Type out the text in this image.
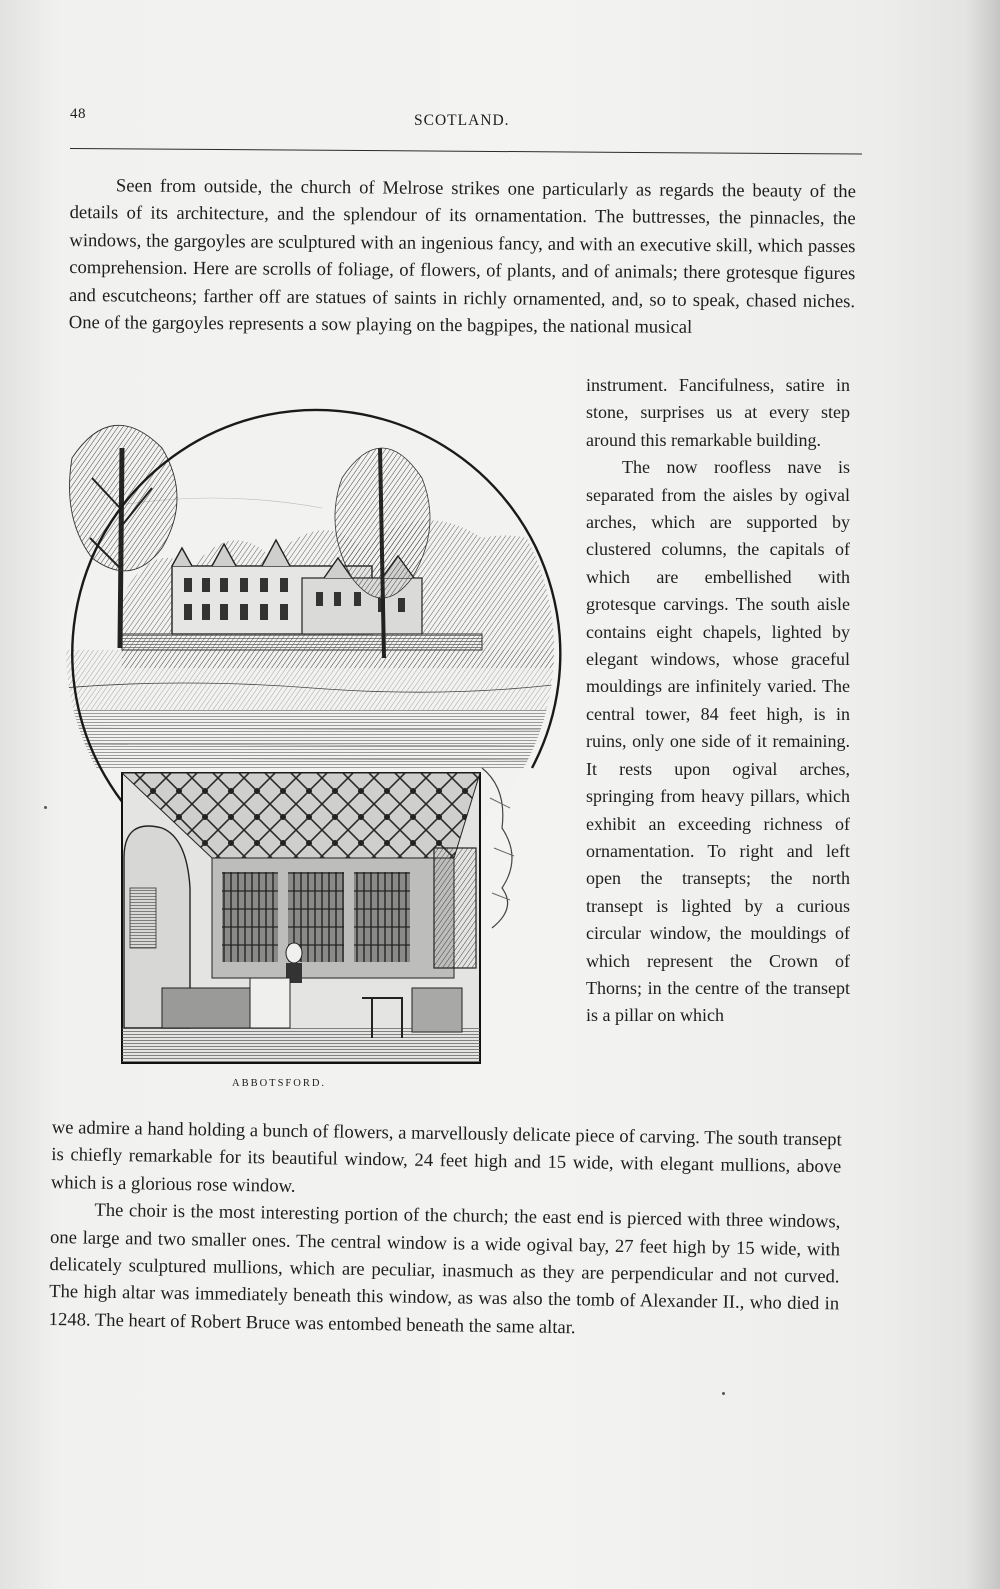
48	SCOTLAND.

Seen from outside, the church of Melrose strikes one particularly as regards the beauty of the details of its architecture, and the splendour of its ornamentation. The buttresses, the pinnacles, the windows, the gargoyles are sculptured with an ingenious fancy, and with an executive skill, which passes comprehension. Here are scrolls of foliage, of flowers, of plants, and of animals; there grotesque figures and escutcheons; farther off are statues of saints in richly ornamented, and, so to speak, chased niches. One of the gargoyles represents a sow playing on the bagpipes, the national musical

instrument. Fancifulness, satire in stone, surprises us at every step around this remarkable building.
The now roofless nave is separated from the aisles by ogival arches, which are supported by clustered columns, the capitals of which are embellished with grotesque carvings. The south aisle contains eight chapels, lighted by elegant windows, whose graceful mouldings are infinitely varied. The central tower, 84 feet high, is in ruins, only one side of it remaining. It rests upon ogival arches, springing from heavy pillars, which exhibit an exceeding richness of ornamentation. To right and left open the transepts; the north transept is lighted by a curious circular window, the mouldings of which represent the Crown of Thorns; in the centre of the transept is a pillar on which
ABBOTSFORD.
we admire a hand holding a bunch of flowers, a marvellously delicate piece of carving. The south transept is chiefly remarkable for its beautiful window, 24 feet high and 15 wide, with elegant mullions, above which is a glorious rose window.
The choir is the most interesting portion of the church; the east end is pierced with three windows, one large and two smaller ones. The central window is a wide ogival bay, 27 feet high by 15 wide, with delicately sculptured mullions, which are peculiar, inasmuch as they are perpendicular and not curved. The high altar was immediately beneath this window, as was also the tomb of Alexander II., who died in 1248. The heart of Robert Bruce was entombed beneath the same altar.
